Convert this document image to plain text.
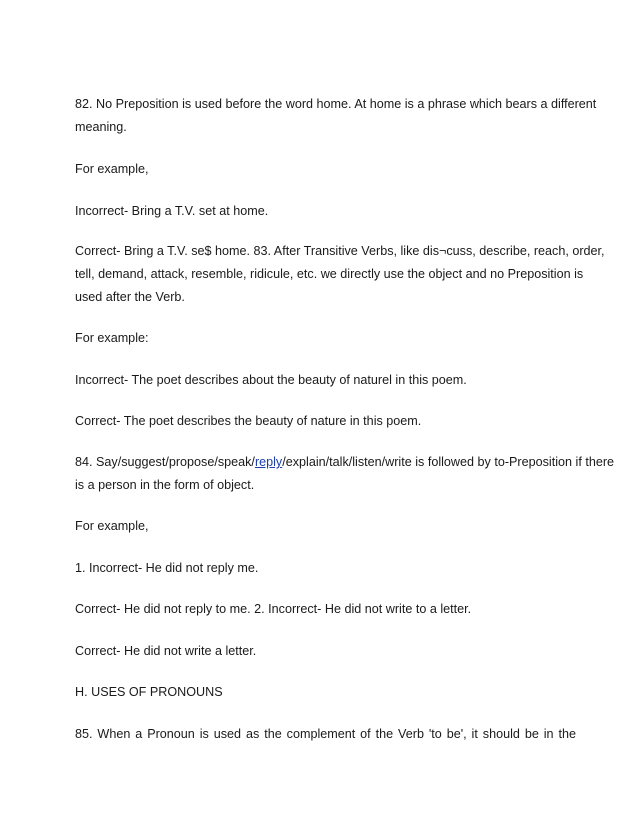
82. No Preposition is used before the word home. At home is a phrase which bears a different

meaning.

For example,

Incorrect- Bring a T.V. set at home.

Correct- Bring a T.V. se$ home. 83. After Transitive Verbs, like dis¬cuss, describe, reach, order,

tell, demand, attack, resemble, ridicule, etc. we directly use the object and no Preposition is

used after the Verb.

For example:

Incorrect- The poet describes about the beauty of naturel in this poem.

Correct- The poet describes the beauty of nature in this poem.

84. Say/suggest/propose/speak/reply/explain/talk/listen/write is followed by to-Preposition if there

is a person in the form of object.

For example,

1. Incorrect- He did not reply me.

Correct- He did not reply to me. 2. Incorrect- He did not write to a letter.

Correct- He did not write a letter.

H. USES OF PRONOUNS

85. When a Pronoun is used as the complement of the Verb 'to be', it should be in the
